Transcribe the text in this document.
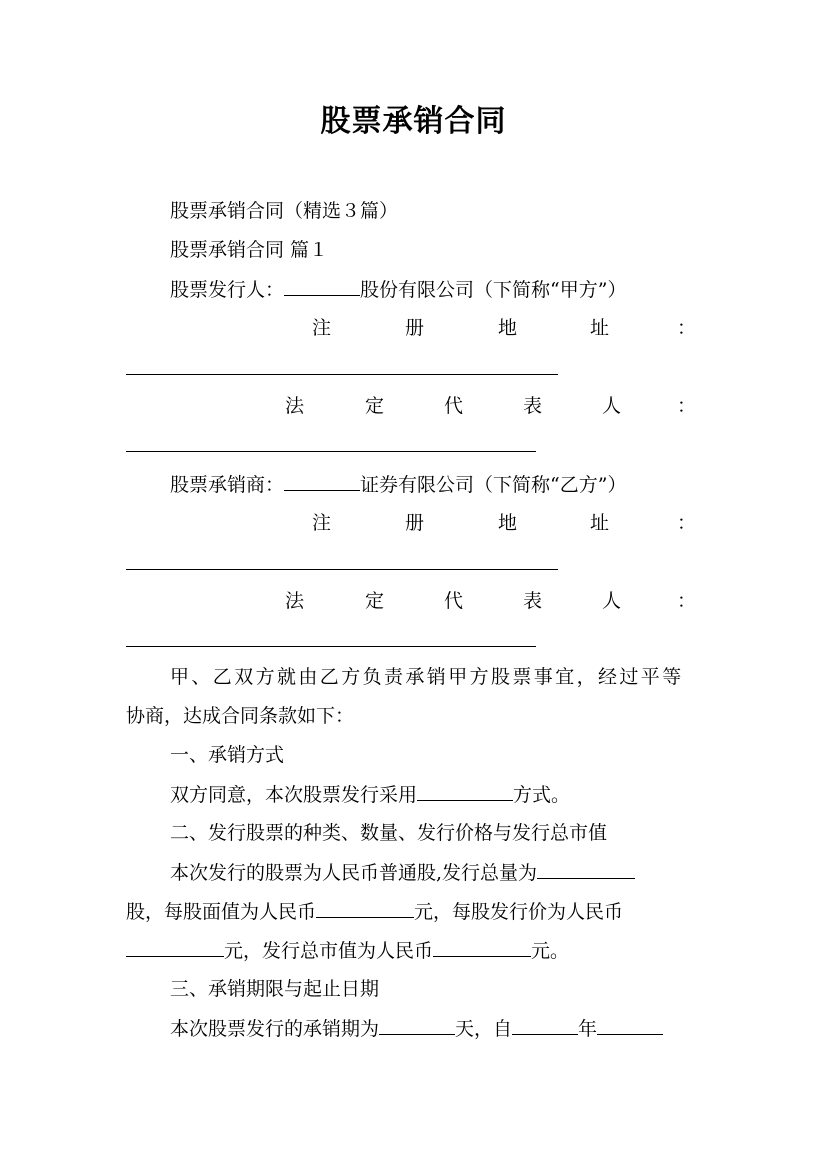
股票承销合同
股票承销合同（精选３篇）
股票承销合同 篇１
股票发行人：	股份有限公司（下简称“甲方”）
注	册	地	址	：
法	定	代	表	人	：
股票承销商：	证券有限公司（下简称“乙方”）
注	册	地	址	：
法	定	代	表	人	：
甲、乙双方就由乙方负责承销甲方股票事宜，经过平等
协商，达成合同条款如下：
一、承销方式
双方同意，本次股票发行采用	方式。
二、发行股票的种类、数量、发行价格与发行总市值
本次发行的股票为人民币普通股,发行总量为
股，每股面值为人民币	元，每股发行价为人民币
元，发行总市值为人民币	元。
三、承销期限与起止日期
本次股票发行的承销期为	天，自	年
